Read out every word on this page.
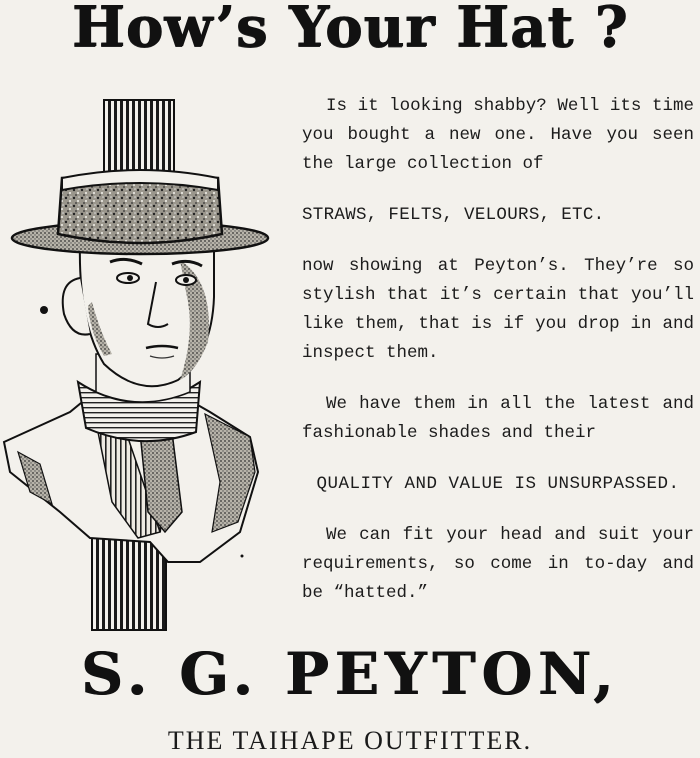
How’s Your Hat ?

Is it looking shabby? Well its time you bought a new one. Have you seen the large collection of

STRAWS, FELTS, VELOURS, ETC.

now showing at Peyton’s. They’re so stylish that it’s certain that you’ll like them, that is if you drop in and inspect them.

We have them in all the latest and fashionable shades and their

QUALITY AND VALUE IS UNSURPASSED.

We can fit your head and suit your requirements, so come in to-day and be “hatted.”

S. G. PEYTON,

THE TAIHAPE OUTFITTER.
